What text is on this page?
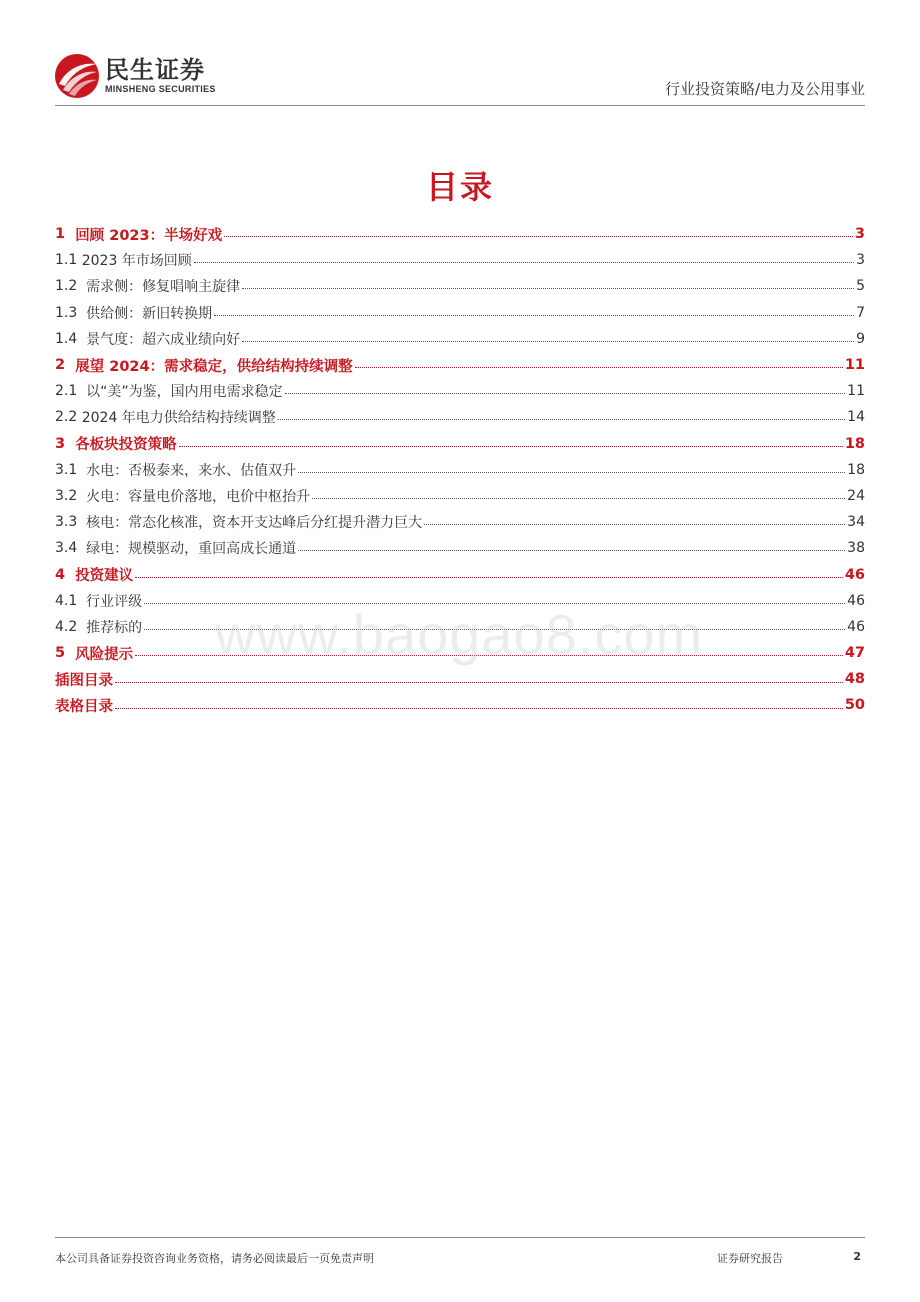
民生证券
MINSHENG SECURITIES	行业投资策略/电力及公用事业
目录
1 回顾 2023：半场好戏	3
1.1 2023 年市场回顾	3
1.2 需求侧：修复唱响主旋律	5
1.3 供给侧：新旧转换期	7
1.4 景气度：超六成业绩向好	9
2 展望 2024：需求稳定，供给结构持续调整	11
2.1 以“美”为鉴，国内用电需求稳定	11
2.2 2024 年电力供给结构持续调整	14
3 各板块投资策略	18
3.1 水电：否极泰来，来水、估值双升	18
3.2 火电：容量电价落地，电价中枢抬升	24
3.3 核电：常态化核准，资本开支达峰后分红提升潜力巨大	34
3.4 绿电：规模驱动，重回高成长通道	38
4 投资建议	46
4.1 行业评级	46
4.2 推荐标的	46
5 风险提示	47
插图目录	48
表格目录	50
www.baogao8.com
本公司具备证券投资咨询业务资格，请务必阅读最后一页免责声明	证券研究报告	2
